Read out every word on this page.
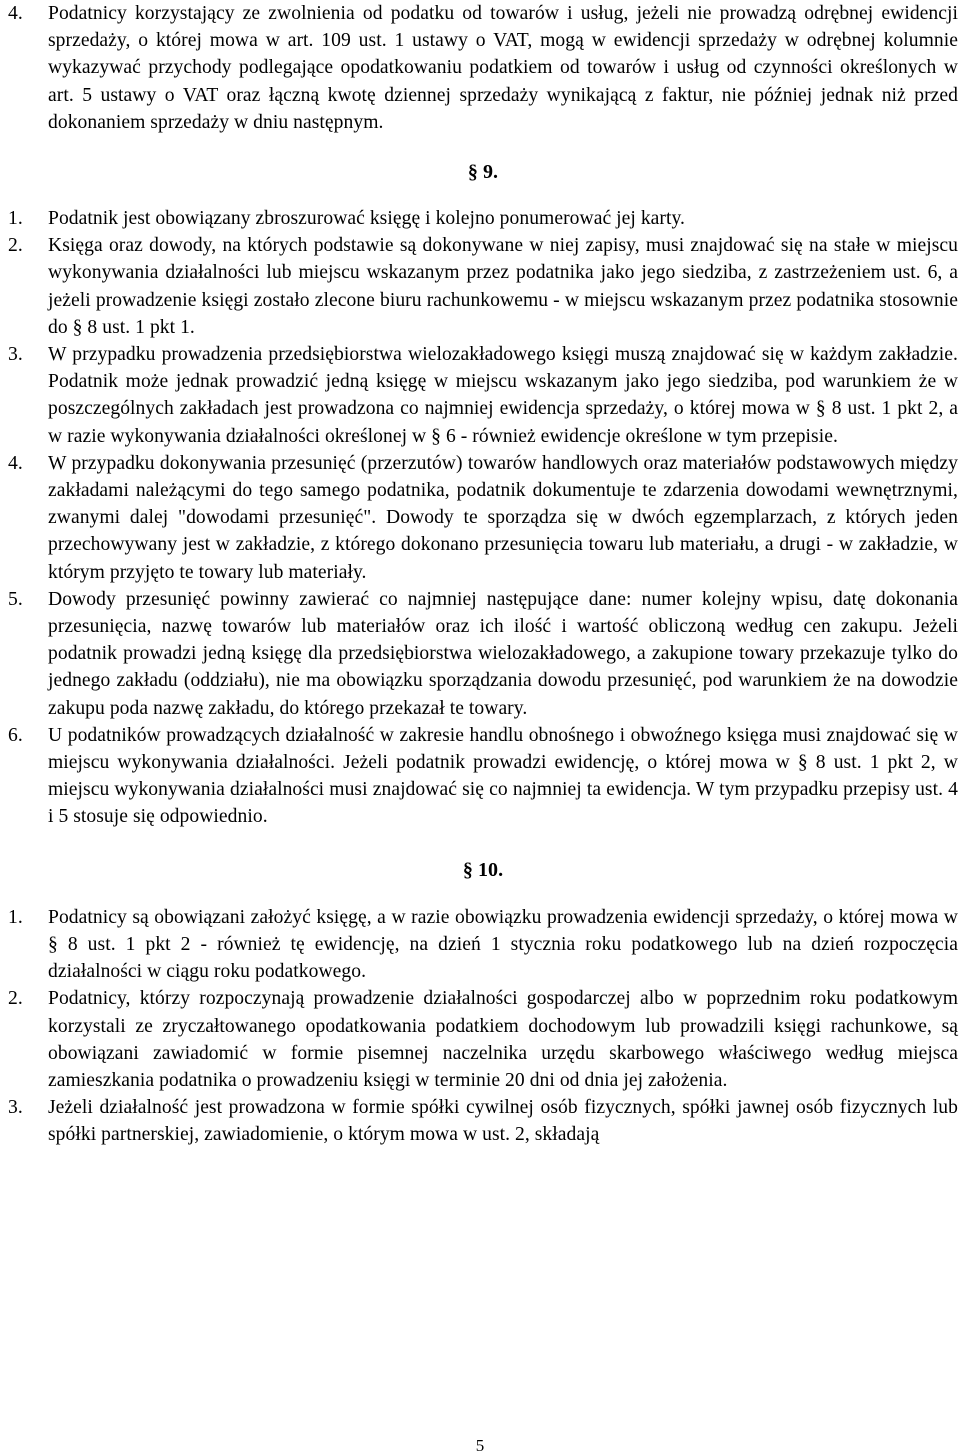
4. Podatnicy korzystający ze zwolnienia od podatku od towarów i usług, jeżeli nie prowadzą odrębnej ewidencji sprzedaży, o której mowa w art. 109 ust. 1 ustawy o VAT, mogą w ewidencji sprzedaży w odrębnej kolumnie wykazywać przychody podlegające opodatkowaniu podatkiem od towarów i usług od czynności określonych w art. 5 ustawy o VAT oraz łączną kwotę dziennej sprzedaży wynikającą z faktur, nie później jednak niż przed dokonaniem sprzedaży w dniu następnym.
§ 9.
1. Podatnik jest obowiązany zbroszurować księgę i kolejno ponumerować jej karty.
2. Księga oraz dowody, na których podstawie są dokonywane w niej zapisy, musi znajdować się na stałe w miejscu wykonywania działalności lub miejscu wskazanym przez podatnika jako jego siedziba, z zastrzeżeniem ust. 6, a jeżeli prowadzenie księgi zostało zlecone biuru rachunkowemu - w miejscu wskazanym przez podatnika stosownie do § 8 ust. 1 pkt 1.
3. W przypadku prowadzenia przedsiębiorstwa wielozakładowego księgi muszą znajdować się w każdym zakładzie. Podatnik może jednak prowadzić jedną księgę w miejscu wskazanym jako jego siedziba, pod warunkiem że w poszczególnych zakładach jest prowadzona co najmniej ewidencja sprzedaży, o której mowa w § 8 ust. 1 pkt 2, a w razie wykonywania działalności określonej w § 6 - również ewidencje określone w tym przepisie.
4. W przypadku dokonywania przesunięć (przerzutów) towarów handlowych oraz materiałów podstawowych między zakładami należącymi do tego samego podatnika, podatnik dokumentuje te zdarzenia dowodami wewnętrznymi, zwanymi dalej "dowodami przesunięć". Dowody te sporządza się w dwóch egzemplarzach, z których jeden przechowywany jest w zakładzie, z którego dokonano przesunięcia towaru lub materiału, a drugi - w zakładzie, w którym przyjęto te towary lub materiały.
5. Dowody przesunięć powinny zawierać co najmniej następujące dane: numer kolejny wpisu, datę dokonania przesunięcia, nazwę towarów lub materiałów oraz ich ilość i wartość obliczoną według cen zakupu. Jeżeli podatnik prowadzi jedną księgę dla przedsiębiorstwa wielozakładowego, a zakupione towary przekazuje tylko do jednego zakładu (oddziału), nie ma obowiązku sporządzania dowodu przesunięć, pod warunkiem że na dowodzie zakupu poda nazwę zakładu, do którego przekazał te towary.
6. U podatników prowadzących działalność w zakresie handlu obnośnego i obwoźnego księga musi znajdować się w miejscu wykonywania działalności. Jeżeli podatnik prowadzi ewidencję, o której mowa w § 8 ust. 1 pkt 2, w miejscu wykonywania działalności musi znajdować się co najmniej ta ewidencja. W tym przypadku przepisy ust. 4 i 5 stosuje się odpowiednio.
§ 10.
1. Podatnicy są obowiązani założyć księgę, a w razie obowiązku prowadzenia ewidencji sprzedaży, o której mowa w § 8 ust. 1 pkt 2 - również tę ewidencję, na dzień 1 stycznia roku podatkowego lub na dzień rozpoczęcia działalności w ciągu roku podatkowego.
2. Podatnicy, którzy rozpoczynają prowadzenie działalności gospodarczej albo w poprzednim roku podatkowym korzystali ze zryczałtowanego opodatkowania podatkiem dochodowym lub prowadzili księgi rachunkowe, są obowiązani zawiadomić w formie pisemnej naczelnika urzędu skarbowego właściwego według miejsca zamieszkania podatnika o prowadzeniu księgi w terminie 20 dni od dnia jej założenia.
3. Jeżeli działalność jest prowadzona w formie spółki cywilnej osób fizycznych, spółki jawnej osób fizycznych lub spółki partnerskiej, zawiadomienie, o którym mowa w ust. 2, składają
5
